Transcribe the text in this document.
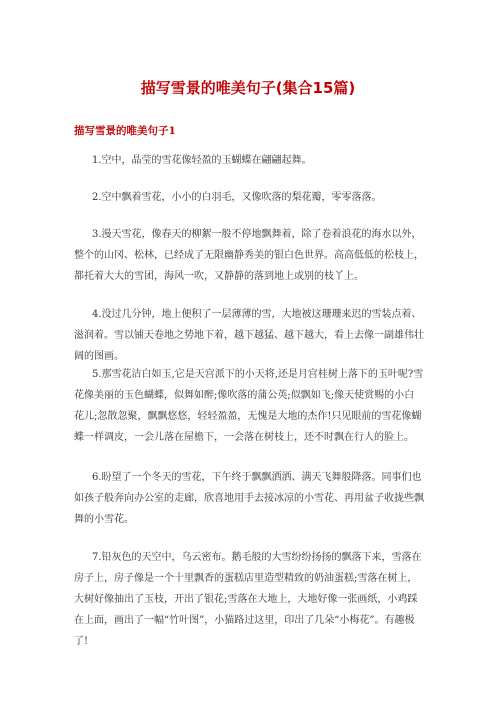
描写雪景的唯美句子(集合15篇)
描写雪景的唯美句子1

1.空中，晶莹的雪花像轻盈的玉蝴蝶在翩翩起舞。

2.空中飘着雪花，小小的白羽毛，又像吹落的梨花瓣，零零落落。

3.漫天雪花，像春天的柳絮一般不停地飘舞着，除了卷着浪花的海水以外，整个的山冈、松林，已经成了无限幽静秀美的银白色世界。高高低低的松枝上，都托着大大的雪团，海风一吹，又静静的落到地上或别的枝丫上。

4.没过几分钟，地上便积了一层薄薄的雪，大地被这珊珊来迟的雪装点着、滋润着。雪以铺天卷地之势地下着，越下越猛、越下越大，看上去像一副雄伟壮阔的图画。

5.那雪花洁白如玉,它是天宫派下的小天将,还是月宫桂树上落下的玉叶呢?雪花像美丽的玉色蝴蝶，似舞如醉;像吹落的蒲公英;似飘如飞;像天使赏赐的小白花儿;忽散忽聚，飘飘悠悠，轻轻盈盈，无愧是大地的杰作!只见眼前的雪花像蝴蝶一样调皮，一会儿落在屋檐下，一会落在树枝上，还不时飘在行人的脸上。

6.盼望了一个冬天的雪花，下午终于飘飘洒洒、满天飞舞般降落。同事们也如孩子般奔向办公室的走廊，欣喜地用手去接冰凉的小雪花、再用盆子收拢些飘舞的小雪花。

7.铅灰色的天空中，乌云密布。鹅毛般的大雪纷纷扬扬的飘落下来，雪落在房子上，房子像是一个十里飘香的蛋糕店里造型精致的奶油蛋糕;雪落在树上，大树好像抽出了玉枝，开出了银花;雪落在大地上，大地好像一张画纸，小鸡踩在上面，画出了一幅“竹叶图”，小猫路过这里，印出了几朵“小梅花”。有趣极了!
